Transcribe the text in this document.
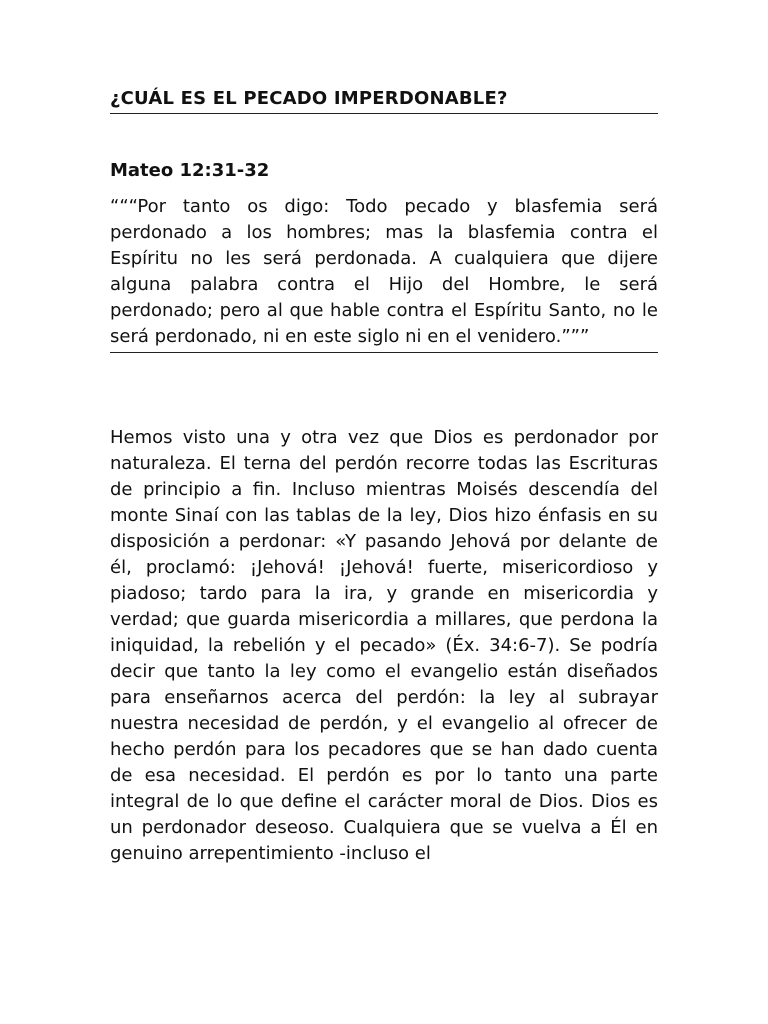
¿CUÁL ES EL PECADO IMPERDONABLE?
Mateo 12:31-32
“““Por tanto os digo: Todo pecado y blasfemia será perdonado a los hombres; mas la blasfemia contra el Espíritu no les será perdonada. A cualquiera que dijere alguna palabra contra el Hijo del Hombre, le será perdonado; pero al que hable contra el Espíritu Santo, no le será perdonado, ni en este siglo ni en el venidero.”””
Hemos visto una y otra vez que Dios es perdonador por naturaleza. El terna del perdón recorre todas las Escrituras de principio a fin. Incluso mientras Moisés descendía del monte Sinaí con las tablas de la ley, Dios hizo énfasis en su disposición a perdonar: «Y pasando Jehová por delante de él, proclamó: ¡Jehová! ¡Jehová! fuerte, misericordioso y piadoso; tardo para la ira, y grande en misericordia y verdad; que guarda misericordia a millares, que perdona la iniquidad, la rebelión y el pecado» (Éx. 34:6-7). Se podría decir que tanto la ley como el evangelio están diseñados para enseñarnos acerca del perdón: la ley al subrayar nuestra necesidad de perdón, y el evangelio al ofrecer de hecho perdón para los pecadores que se han dado cuenta de esa necesidad. El perdón es por lo tanto una parte integral de lo que define el carácter moral de Dios. Dios es un perdonador deseoso. Cualquiera que se vuelva a Él en genuino arrepentimiento -incluso el
